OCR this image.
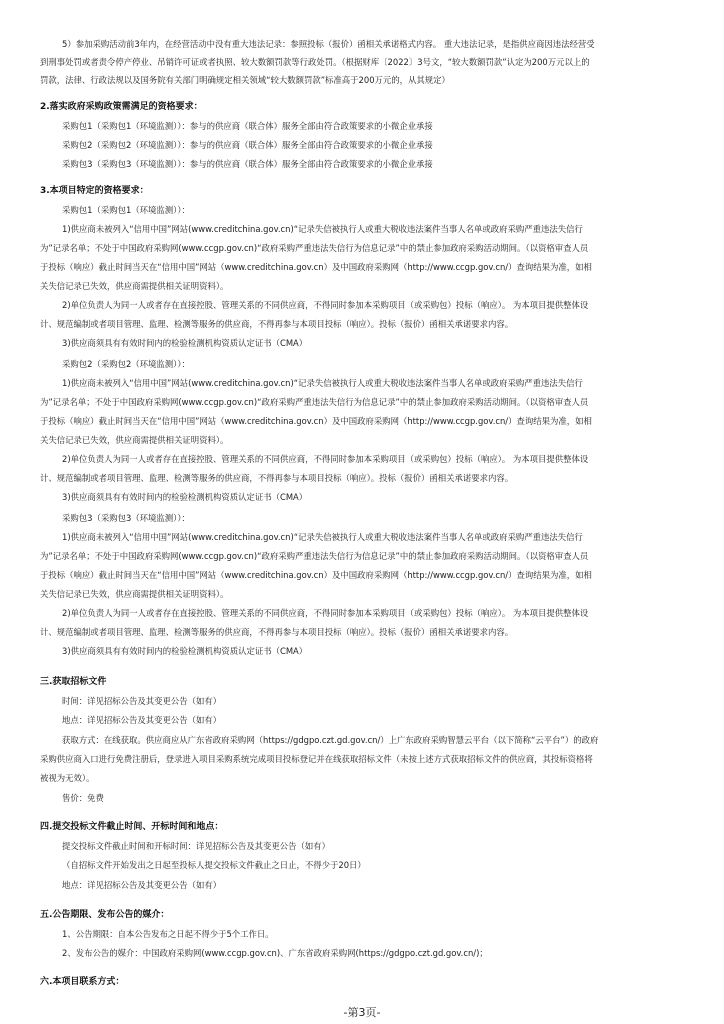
5）参加采购活动前3年内，在经营活动中没有重大违法记录：参照投标（报价）函相关承诺格式内容。 重大违法记录，是指供应商因违法经营受

到刑事处罚或者责令停产停业、吊销许可证或者执照、较大数额罚款等行政处罚。（根据财库〔2022〕3号文，“较大数额罚款”认定为200万元以上的

罚款，法律、行政法规以及国务院有关部门明确规定相关领域“较大数额罚款”标准高于200万元的，从其规定）

2.落实政府采购政策需满足的资格要求：

采购包1（采购包1（环境监测））：参与的供应商（联合体）服务全部由符合政策要求的小微企业承接

采购包2（采购包2（环境监测））：参与的供应商（联合体）服务全部由符合政策要求的小微企业承接

采购包3（采购包3（环境监测））：参与的供应商（联合体）服务全部由符合政策要求的小微企业承接

3.本项目特定的资格要求：

采购包1（采购包1（环境监测））：

1)供应商未被列入“信用中国”网站(www.creditchina.gov.cn)“记录失信被执行人或重大税收违法案件当事人名单或政府采购严重违法失信行

为”记录名单；不处于中国政府采购网(www.ccgp.gov.cn)“政府采购严重违法失信行为信息记录”中的禁止参加政府采购活动期间。（以资格审查人员

于投标（响应）截止时间当天在“信用中国”网站（www.creditchina.gov.cn）及中国政府采购网（http://www.ccgp.gov.cn/）查询结果为准，如相

关失信记录已失效，供应商需提供相关证明资料）。

2)单位负责人为同一人或者存在直接控股、管理关系的不同供应商，不得同时参加本采购项目（或采购包）投标（响应）。 为本项目提供整体设

计、规范编制或者项目管理、监理、检测等服务的供应商，不得再参与本项目投标（响应）。投标（报价）函相关承诺要求内容。

3)供应商须具有有效时间内的检验检测机构资质认定证书（CMA）

采购包2（采购包2（环境监测））：

1)供应商未被列入“信用中国”网站(www.creditchina.gov.cn)“记录失信被执行人或重大税收违法案件当事人名单或政府采购严重违法失信行

为”记录名单；不处于中国政府采购网(www.ccgp.gov.cn)“政府采购严重违法失信行为信息记录”中的禁止参加政府采购活动期间。（以资格审查人员

于投标（响应）截止时间当天在“信用中国”网站（www.creditchina.gov.cn）及中国政府采购网（http://www.ccgp.gov.cn/）查询结果为准，如相

关失信记录已失效，供应商需提供相关证明资料）。

2)单位负责人为同一人或者存在直接控股、管理关系的不同供应商，不得同时参加本采购项目（或采购包）投标（响应）。 为本项目提供整体设

计、规范编制或者项目管理、监理、检测等服务的供应商，不得再参与本项目投标（响应）。投标（报价）函相关承诺要求内容。

3)供应商须具有有效时间内的检验检测机构资质认定证书（CMA）

采购包3（采购包3（环境监测））：

1)供应商未被列入“信用中国”网站(www.creditchina.gov.cn)“记录失信被执行人或重大税收违法案件当事人名单或政府采购严重违法失信行

为”记录名单；不处于中国政府采购网(www.ccgp.gov.cn)“政府采购严重违法失信行为信息记录”中的禁止参加政府采购活动期间。（以资格审查人员

于投标（响应）截止时间当天在“信用中国”网站（www.creditchina.gov.cn）及中国政府采购网（http://www.ccgp.gov.cn/）查询结果为准，如相

关失信记录已失效，供应商需提供相关证明资料）。

2)单位负责人为同一人或者存在直接控股、管理关系的不同供应商，不得同时参加本采购项目（或采购包）投标（响应）。 为本项目提供整体设

计、规范编制或者项目管理、监理、检测等服务的供应商，不得再参与本项目投标（响应）。投标（报价）函相关承诺要求内容。

3)供应商须具有有效时间内的检验检测机构资质认定证书（CMA）

三.获取招标文件

时间：详见招标公告及其变更公告（如有）

地点：详见招标公告及其变更公告（如有）

获取方式：在线获取。供应商应从广东省政府采购网（https://gdgpo.czt.gd.gov.cn/）上广东政府采购智慧云平台（以下简称“云平台”）的政府

采购供应商入口进行免费注册后，登录进入项目采购系统完成项目投标登记并在线获取招标文件（未按上述方式获取招标文件的供应商，其投标资格将

被视为无效）。

售价：免费

四.提交投标文件截止时间、开标时间和地点：

提交投标文件截止时间和开标时间：详见招标公告及其变更公告（如有）

（自招标文件开始发出之日起至投标人提交投标文件截止之日止，不得少于20日）

地点：详见招标公告及其变更公告（如有）

五.公告期限、发布公告的媒介：

1、公告期限：自本公告发布之日起不得少于5个工作日。

2、发布公告的媒介：中国政府采购网(www.ccgp.gov.cn)、广东省政府采购网(https://gdgpo.czt.gd.gov.cn/)；

六.本项目联系方式：

-第3页-
